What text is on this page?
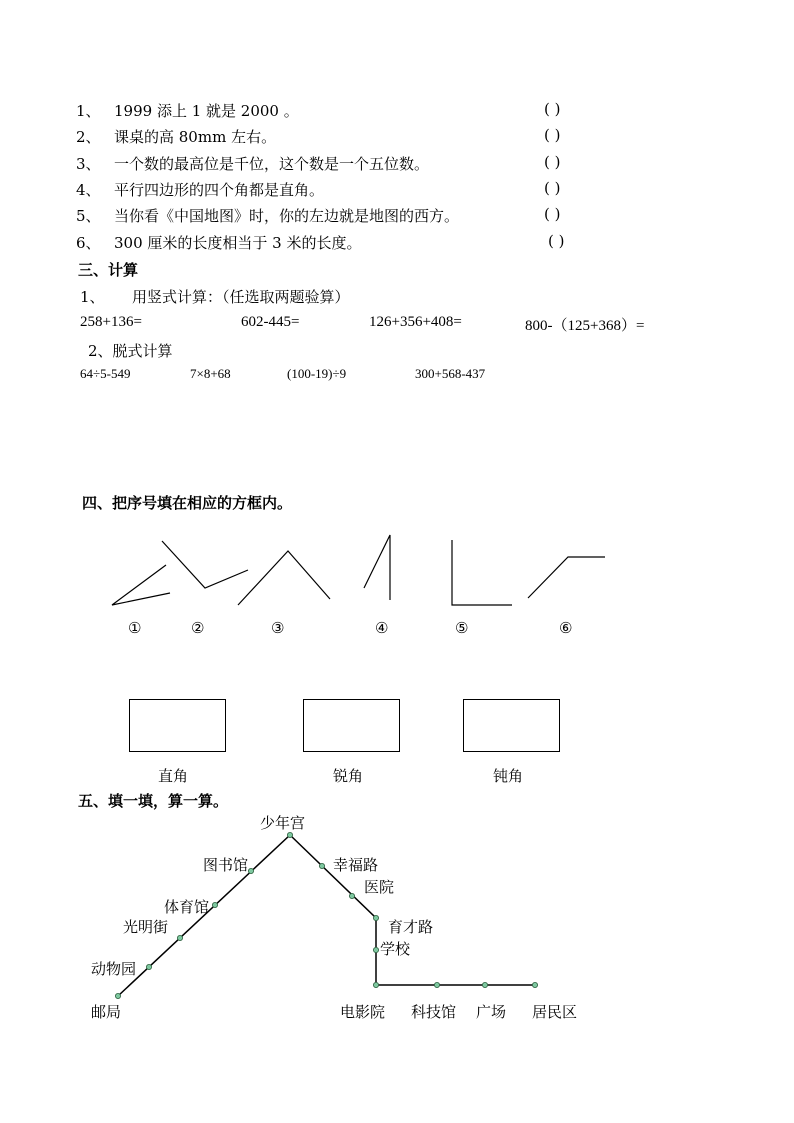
1、 1999 添上 1 就是 2000 。	( )
2、 课桌的高 80mm 左右。	( )
3、 一个数的最高位是千位，这个数是一个五位数。	( )
4、 平行四边形的四个角都是直角。	( )
5、 当你看《中国地图》时，你的左边就是地图的西方。	( )
6、 300 厘米的长度相当于 3 米的长度。	( )
三、计算
1、 用竖式计算：（任选取两题验算）
258+136=	602-445=	126+356+408=	800-（125+368）=
2、脱式计算
64÷5-549	7×8+68	(100-19)÷9	300+568-437
四、把序号填在相应的方框内。
①	②	③	④	⑤	⑥
直角	锐角	钝角
五、填一填，算一算。
少年宫
图书馆	幸福路
医院
体育馆
育才路
光明街
学校
动物园
邮局	电影院 科技馆 广场 居民区
